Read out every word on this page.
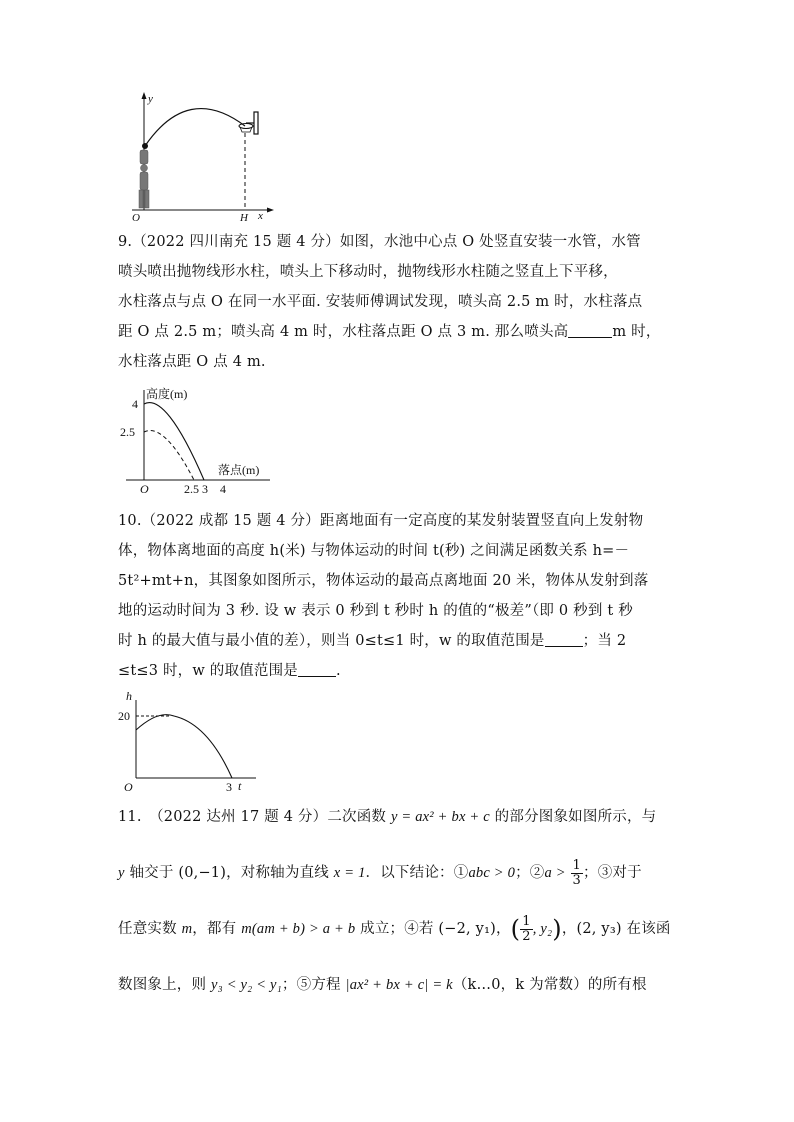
y
x
O	H
9.（2022 四川南充 15 题 4 分）如图，水池中心点 O 处竖直安装一水管，水管
喷头喷出抛物线形水柱，喷头上下移动时，抛物线形水柱随之竖直上下平移，
水柱落点与点 O 在同一水平面. 安装师傅调试发现，喷头高 2.5 m 时，水柱落点
距 O 点 2.5 m；喷头高 4 m 时，水柱落点距 O 点 3 m. 那么喷头高	m 时，
水柱落点距 O 点 4 m.
高度(m)
落点(m)
4
2.5
O	2.5 3 4
10.（2022 成都 15 题 4 分）距离地面有一定高度的某发射装置竖直向上发射物
体，物体离地面的高度 h(米) 与物体运动的时间 t(秒) 之间满足函数关系 h=－
5t²+mt+n，其图象如图所示，物体运动的最高点离地面 20 米，物体从发射到落
地的运动时间为 3 秒. 设 w 表示 0 秒到 t 秒时 h 的值的“极差”（即 0 秒到 t 秒
时 h 的最大值与最小值的差），则当 0≤t≤1 时，w 的取值范围是	；当 2
≤t≤3 时，w 的取值范围是	.
h
20
O	3 t
11.　（2022 达州 17 题 4 分）二次函数 y = ax² + bx + c 的部分图象如图所示，与
y 轴交于 (0,−1)，对称轴为直线 x = 1．以下结论：①abc > 0；②a > $\frac{1}{3}$ ；③对于
任意实数 m，都有 m(am + b) > a + b 成立；④若 (−2, y₁)，( $\frac{1}{2}$ , y₂)，(2, y₃) 在该函
数图象上，则 y₃ < y₂ < y₁；⑤方程 |ax² + bx + c| = k（k…0，k 为常数）的所有根
